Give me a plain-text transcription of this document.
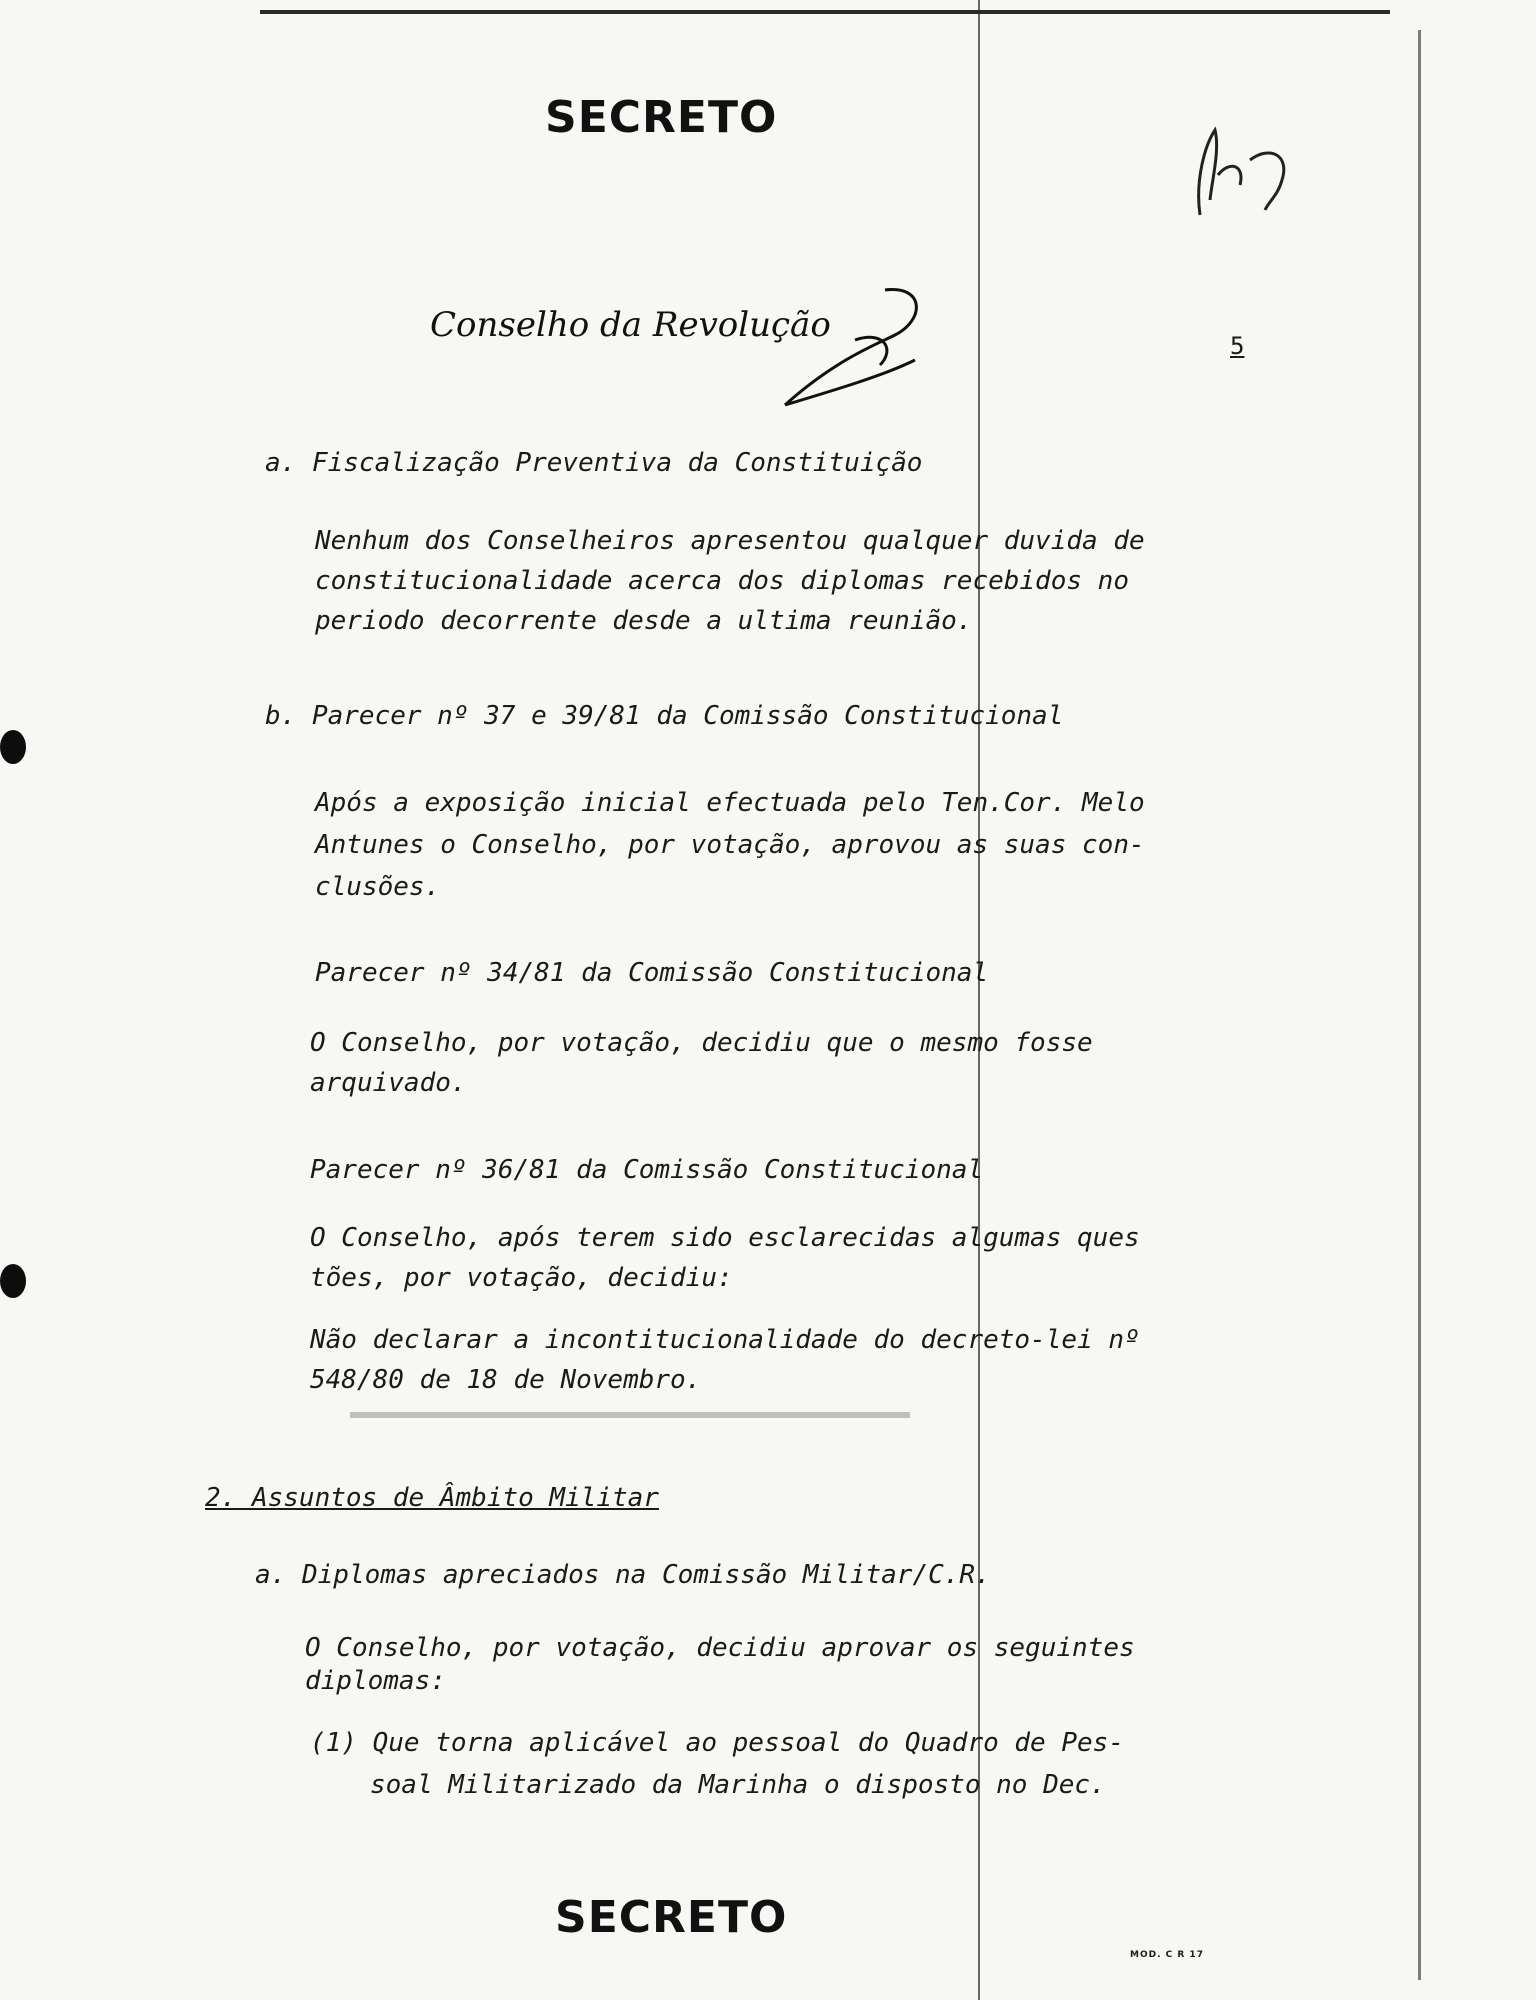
SECRETO
Conselho da Revolução
5
a. Fiscalização Preventiva da Constituição
Nenhum dos Conselheiros apresentou qualquer duvida de
constitucionalidade acerca dos diplomas recebidos no
periodo decorrente desde a ultima reunião.
b. Parecer nº 37 e 39/81 da Comissão Constitucional
Após a exposição inicial efectuada pelo Ten.Cor. Melo
Antunes o Conselho, por votação, aprovou as suas con-
clusões.
Parecer nº 34/81 da Comissão Constitucional
O Conselho, por votação, decidiu que o mesmo fosse
arquivado.
Parecer nº 36/81 da Comissão Constitucional
O Conselho, após terem sido esclarecidas algumas ques
tões, por votação, decidiu:
Não declarar a incontitucionalidade do decreto-lei nº
548/80 de 18 de Novembro.
2. Assuntos de Âmbito Militar
a. Diplomas apreciados na Comissão Militar/C.R.
O Conselho, por votação, decidiu aprovar os seguintes
diplomas:
(1) Que torna aplicável ao pessoal do Quadro de Pes-
soal Militarizado da Marinha o disposto no Dec.
SECRETO
MOD. C R 17
